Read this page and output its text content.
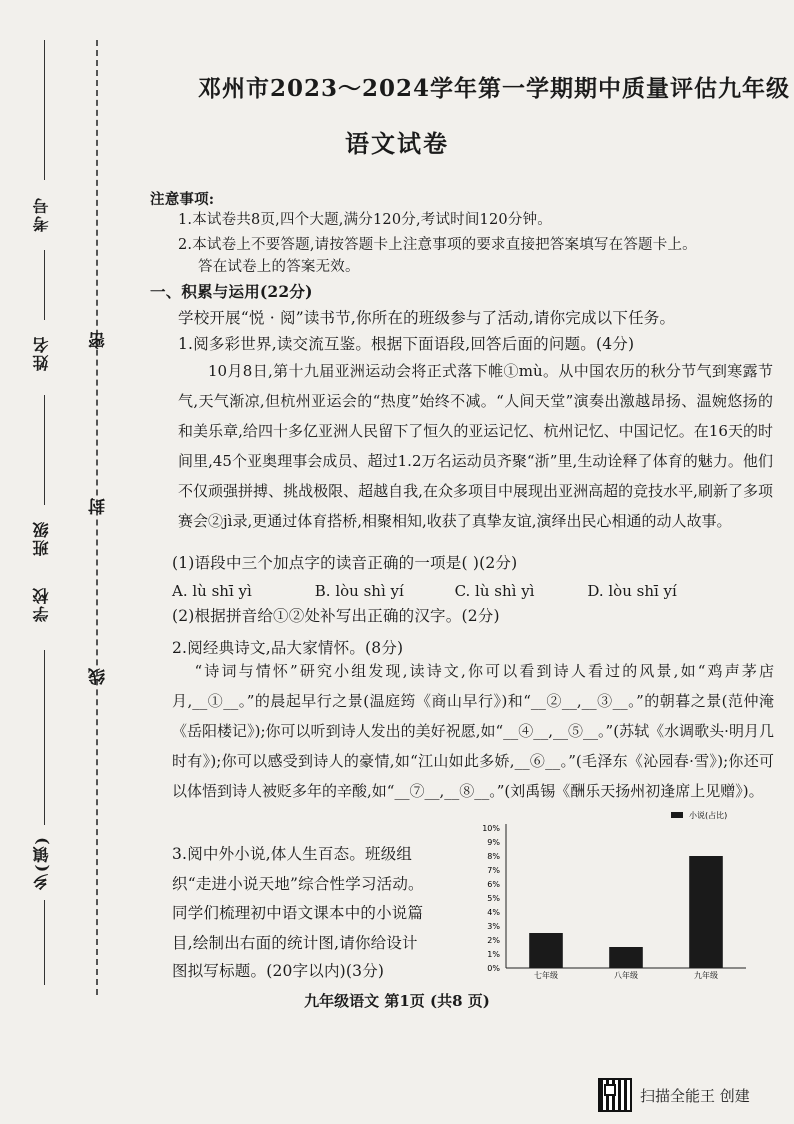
考号
姓名
班级
学校
乡(镇)
密
封
线
邓州市2023～2024学年第一学期期中质量评估九年级
语文试卷
注意事项:
1.本试卷共8页,四个大题,满分120分,考试时间120分钟。
2.本试卷上不要答题,请按答题卡上注意事项的要求直接把答案填写在答题卡上。
答在试卷上的答案无效。
一、积累与运用(22分)
学校开展“悦 · 阅”读书节,你所在的班级参与了活动,请你完成以下任务。
1.阅多彩世界,读交流互鉴。根据下面语段,回答后面的问题。(4分)
10月8日,第十九届亚洲运动会将正式落下帷①mù。从中国农历的秋分节气到寒露节气,天气渐凉,但杭州亚运会的“热度”始终不减。“人间天堂”演奏出激越昂扬、温婉悠扬的和美乐章,给四十多亿亚洲人民留下了恒久的亚运记忆、杭州记忆、中国记忆。在16天的时间里,45个亚奥理事会成员、超过1.2万名运动员齐聚“浙”里,生动诠释了体育的魅力。他们不仅顽强拼搏、挑战极限、超越自我,在众多项目中展现出亚洲高超的竞技水平,刷新了多项赛会②jì录,更通过体育搭桥,相聚相知,收获了真挚友谊,演绎出民心相通的动人故事。
(1)语段中三个加点字的读音正确的一项是( )(2分)
A. lù shī yì	B. lòu shì yí	C. lù shì yì	D. lòu shī yí
(2)根据拼音给①②处补写出正确的汉字。(2分)
2.阅经典诗文,品大家情怀。(8分)
“诗词与情怀”研究小组发现,读诗文,你可以看到诗人看过的风景,如“鸡声茅店月,__①__。”的晨起早行之景(温庭筠《商山早行》)和“__②__,__③__。”的朝暮之景(范仲淹《岳阳楼记》);你可以听到诗人发出的美好祝愿,如“__④__,__⑤__。”(苏轼《水调歌头·明月几时有》);你可以感受到诗人的豪情,如“江山如此多娇,__⑥__。”(毛泽东《沁园春·雪》);你还可以体悟到诗人被贬多年的辛酸,如“__⑦__,__⑧__。”(刘禹锡《酬乐天扬州初逢席上见赠》)。
3.阅中外小说,体人生百态。班级组
织“走进小说天地”综合性学习活动。
同学们梳理初中语文课本中的小说篇
目,绘制出右面的统计图,请你给设计
图拟写标题。(20字以内)(3分)	0%
1%
2%
3%
4%
5%
6%
7%
8%
9%
10%
七年级	八年级	九年级
小说(占比)
九年级语文 第1页 (共8 页)
扫描全能王 创建
